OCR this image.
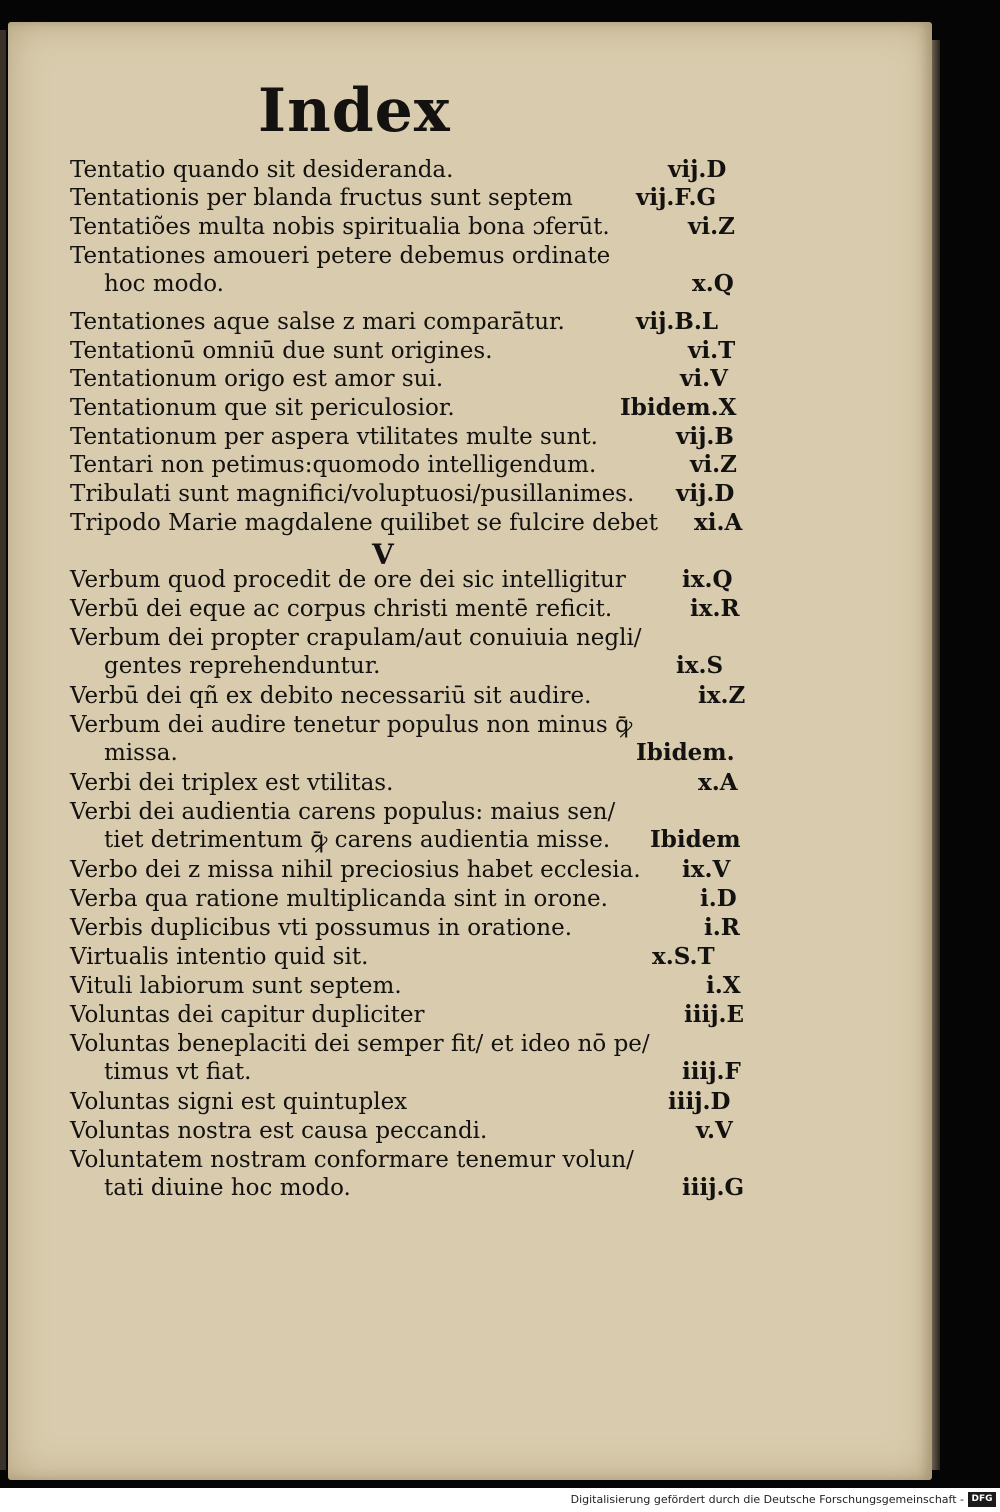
Index
Tentatio quando sit desideranda.	vij.D
Tentationis per blanda fructus sunt septem	vij.F.G
Tentatiões multa nobis spiritualia bona ɔferūt.	vi.Z
Tentationes amoueri petere debemus ordinate
hoc modo.	x.Q
Tentationes aque salse z mari comparātur.	vij.B.L
Tentationū omniū due sunt origines.	vi.T
Tentationum origo est amor sui.	vi.V
Tentationum que sit periculosior.	Ibidem.X
Tentationum per aspera vtilitates multe sunt.	vij.B
Tentari non petimus:quomodo intelligendum.	vi.Z
Tribulati sunt magnifici/voluptuosi/pusillanimes.	vij.D
Tripodo Marie magdalene quilibet se fulcire debet	xi.A
Verbum quod procedit de ore dei sic intelligitur	ix.Q
Verbū dei eque ac corpus christi mentē reficit.	ix.R
Verbum dei propter crapulam/aut conuiuia negli/
gentes reprehenduntur.	ix.S
Verbū dei qñ ex debito necessariū sit audire.	ix.Z
Verbum dei audire tenetur populus non minus ꝙ̄
missa.	Ibidem.
Verbi dei triplex est vtilitas.	x.A
Verbi dei audientia carens populus: maius sen/
tiet detrimentum ꝙ̄ carens audientia misse.	Ibidem
Verbo dei z missa nihil preciosius habet ecclesia.	ix.V
Verba qua ratione multiplicanda sint in orone.	i.D
Verbis duplicibus vti possumus in oratione.	i.R
Virtualis intentio quid sit.	x.S.T
Vituli labiorum sunt septem.	i.X
Voluntas dei capitur dupliciter	iiij.E
Voluntas beneplaciti dei semper fit/ et ideo nō pe/
timus vt fiat.	iiij.F
Voluntas signi est quintuplex	iiij.D
Voluntas nostra est causa peccandi.	v.V
Voluntatem nostram conformare tenemur volun/
tati diuine hoc modo.	iiij.G
V
Digitalisierung gefördert durch die Deutsche Forschungsgemeinschaft - DFG
